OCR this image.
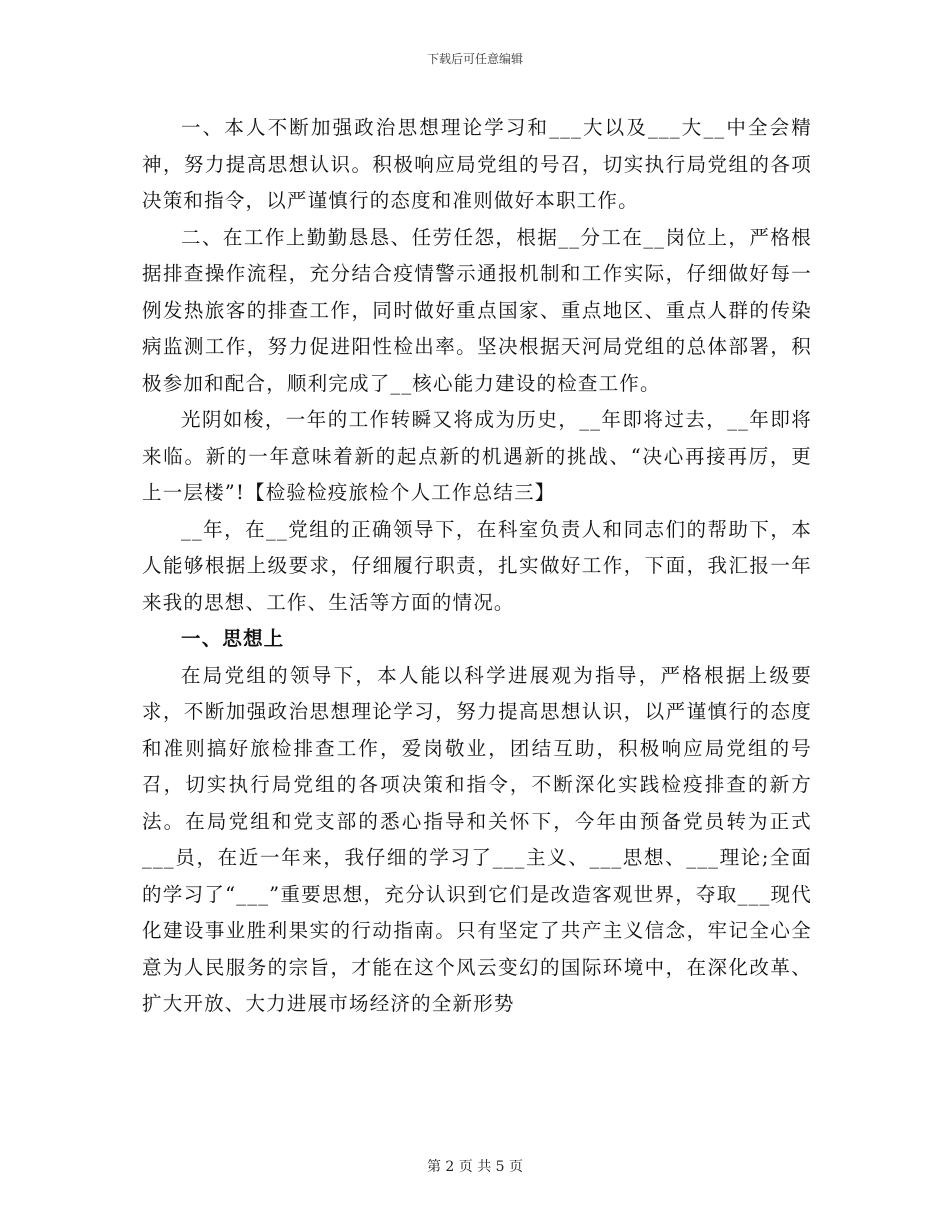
下载后可任意编辑

一、本人不断加强政治思想理论学习和___大以及___大__中全会精神，努力提高思想认识。积极响应局党组的号召，切实执行局党组的各项决策和指令，以严谨慎行的态度和准则做好本职工作。

二、在工作上勤勤恳恳、任劳任怨，根据__分工在__岗位上，严格根据排查操作流程，充分结合疫情警示通报机制和工作实际，仔细做好每一例发热旅客的排查工作，同时做好重点国家、重点地区、重点人群的传染病监测工作，努力促进阳性检出率。坚决根据天河局党组的总体部署，积极参加和配合，顺利完成了__核心能力建设的检查工作。

光阴如梭，一年的工作转瞬又将成为历史，__年即将过去，__年即将来临。新的一年意味着新的起点新的机遇新的挑战、“决心再接再厉，更上一层楼”!【检验检疫旅检个人工作总结三】

__年，在__党组的正确领导下，在科室负责人和同志们的帮助下，本人能够根据上级要求，仔细履行职责，扎实做好工作，下面，我汇报一年来我的思想、工作、生活等方面的情况。

一、思想上

在局党组的领导下，本人能以科学进展观为指导，严格根据上级要求，不断加强政治思想理论学习，努力提高思想认识，以严谨慎行的态度和准则搞好旅检排查工作，爱岗敬业，团结互助，积极响应局党组的号召，切实执行局党组的各项决策和指令，不断深化实践检疫排查的新方法。在局党组和党支部的悉心指导和关怀下，今年由预备党员转为正式___员，在近一年来，我仔细的学习了___主义、___思想、___理论;全面的学习了“___”重要思想，充分认识到它们是改造客观世界，夺取___现代化建设事业胜利果实的行动指南。只有坚定了共产主义信念，牢记全心全意为人民服务的宗旨，才能在这个风云变幻的国际环境中，在深化改革、扩大开放、大力进展市场经济的全新形势

第 2 页 共 5 页
